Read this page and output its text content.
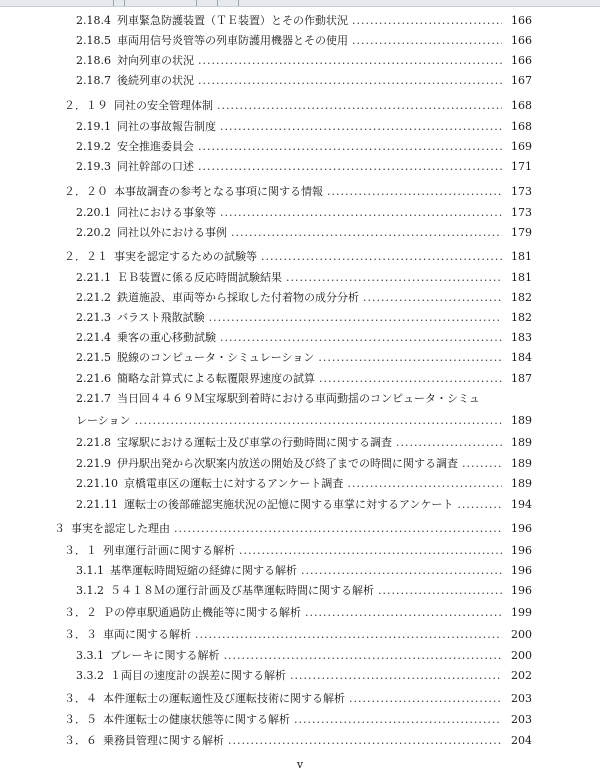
2.18.4 列車緊急防護装置（ＴＥ装置）とその作動状況 .....	166
2.18.5 車両用信号炎管等の列車防護用機器とその使用 .....	166
2.18.6 対向列車の状況 .....	166
2.18.7 後続列車の状況 .....	167
２．１９ 同社の安全管理体制 .....	168
2.19.1 同社の事故報告制度 .....	168
2.19.2 安全推進委員会 .....	169
2.19.3 同社幹部の口述 .....	171
２．２０ 本事故調査の参考となる事項に関する情報 .....	173
2.20.1 同社における事象等 .....	173
2.20.2 同社以外における事例 .....	179
２．２１ 事実を認定するための試験等 .....	181
2.21.1 ＥＢ装置に係る反応時間試験結果 .....	181
2.21.2 鉄道施設、車両等から採取した付着物の成分分析 .....	182
2.21.3 バラスト飛散試験 .....	182
2.21.4 乗客の重心移動試験 .....	183
2.21.5 脱線のコンピュータ・シミュレーション .....	184
2.21.6 簡略な計算式による転覆限界速度の試算 .....	187
2.21.7 当日回４４６９Ｍ宝塚駅到着時における車両動揺のコンピュータ・シミュ
レーション .....	189
2.21.8 宝塚駅における運転士及び車掌の行動時間に関する調査 .....	189
2.21.9 伊丹駅出発から次駅案内放送の開始及び終了までの時間に関する調査 .....	189
2.21.10 京橋電車区の運転士に対するアンケート調査 .....	189
2.21.11 運転士の後部確認実施状況の記憶に関する車掌に対するアンケート .....	194
３ 事実を認定した理由 .....	196
３．１ 列車運行計画に関する解析 .....	196
3.1.1 基準運転時間短縮の経緯に関する解析 .....	196
3.1.2 ５４１８Ｍの運行計画及び基準運転時間に関する解析 .....	196
３．２ Ｐの停車駅通過防止機能等に関する解析 .....	199
３．３ 車両に関する解析 .....	200
3.3.1 ブレーキに関する解析 .....	200
3.3.2 １両目の速度計の誤差に関する解析 .....	202
３．４ 本件運転士の運転適性及び運転技術に関する解析 .....	203
３．５ 本件運転士の健康状態等に関する解析 .....	203
３．６ 乗務員管理に関する解析 .....	204
v
